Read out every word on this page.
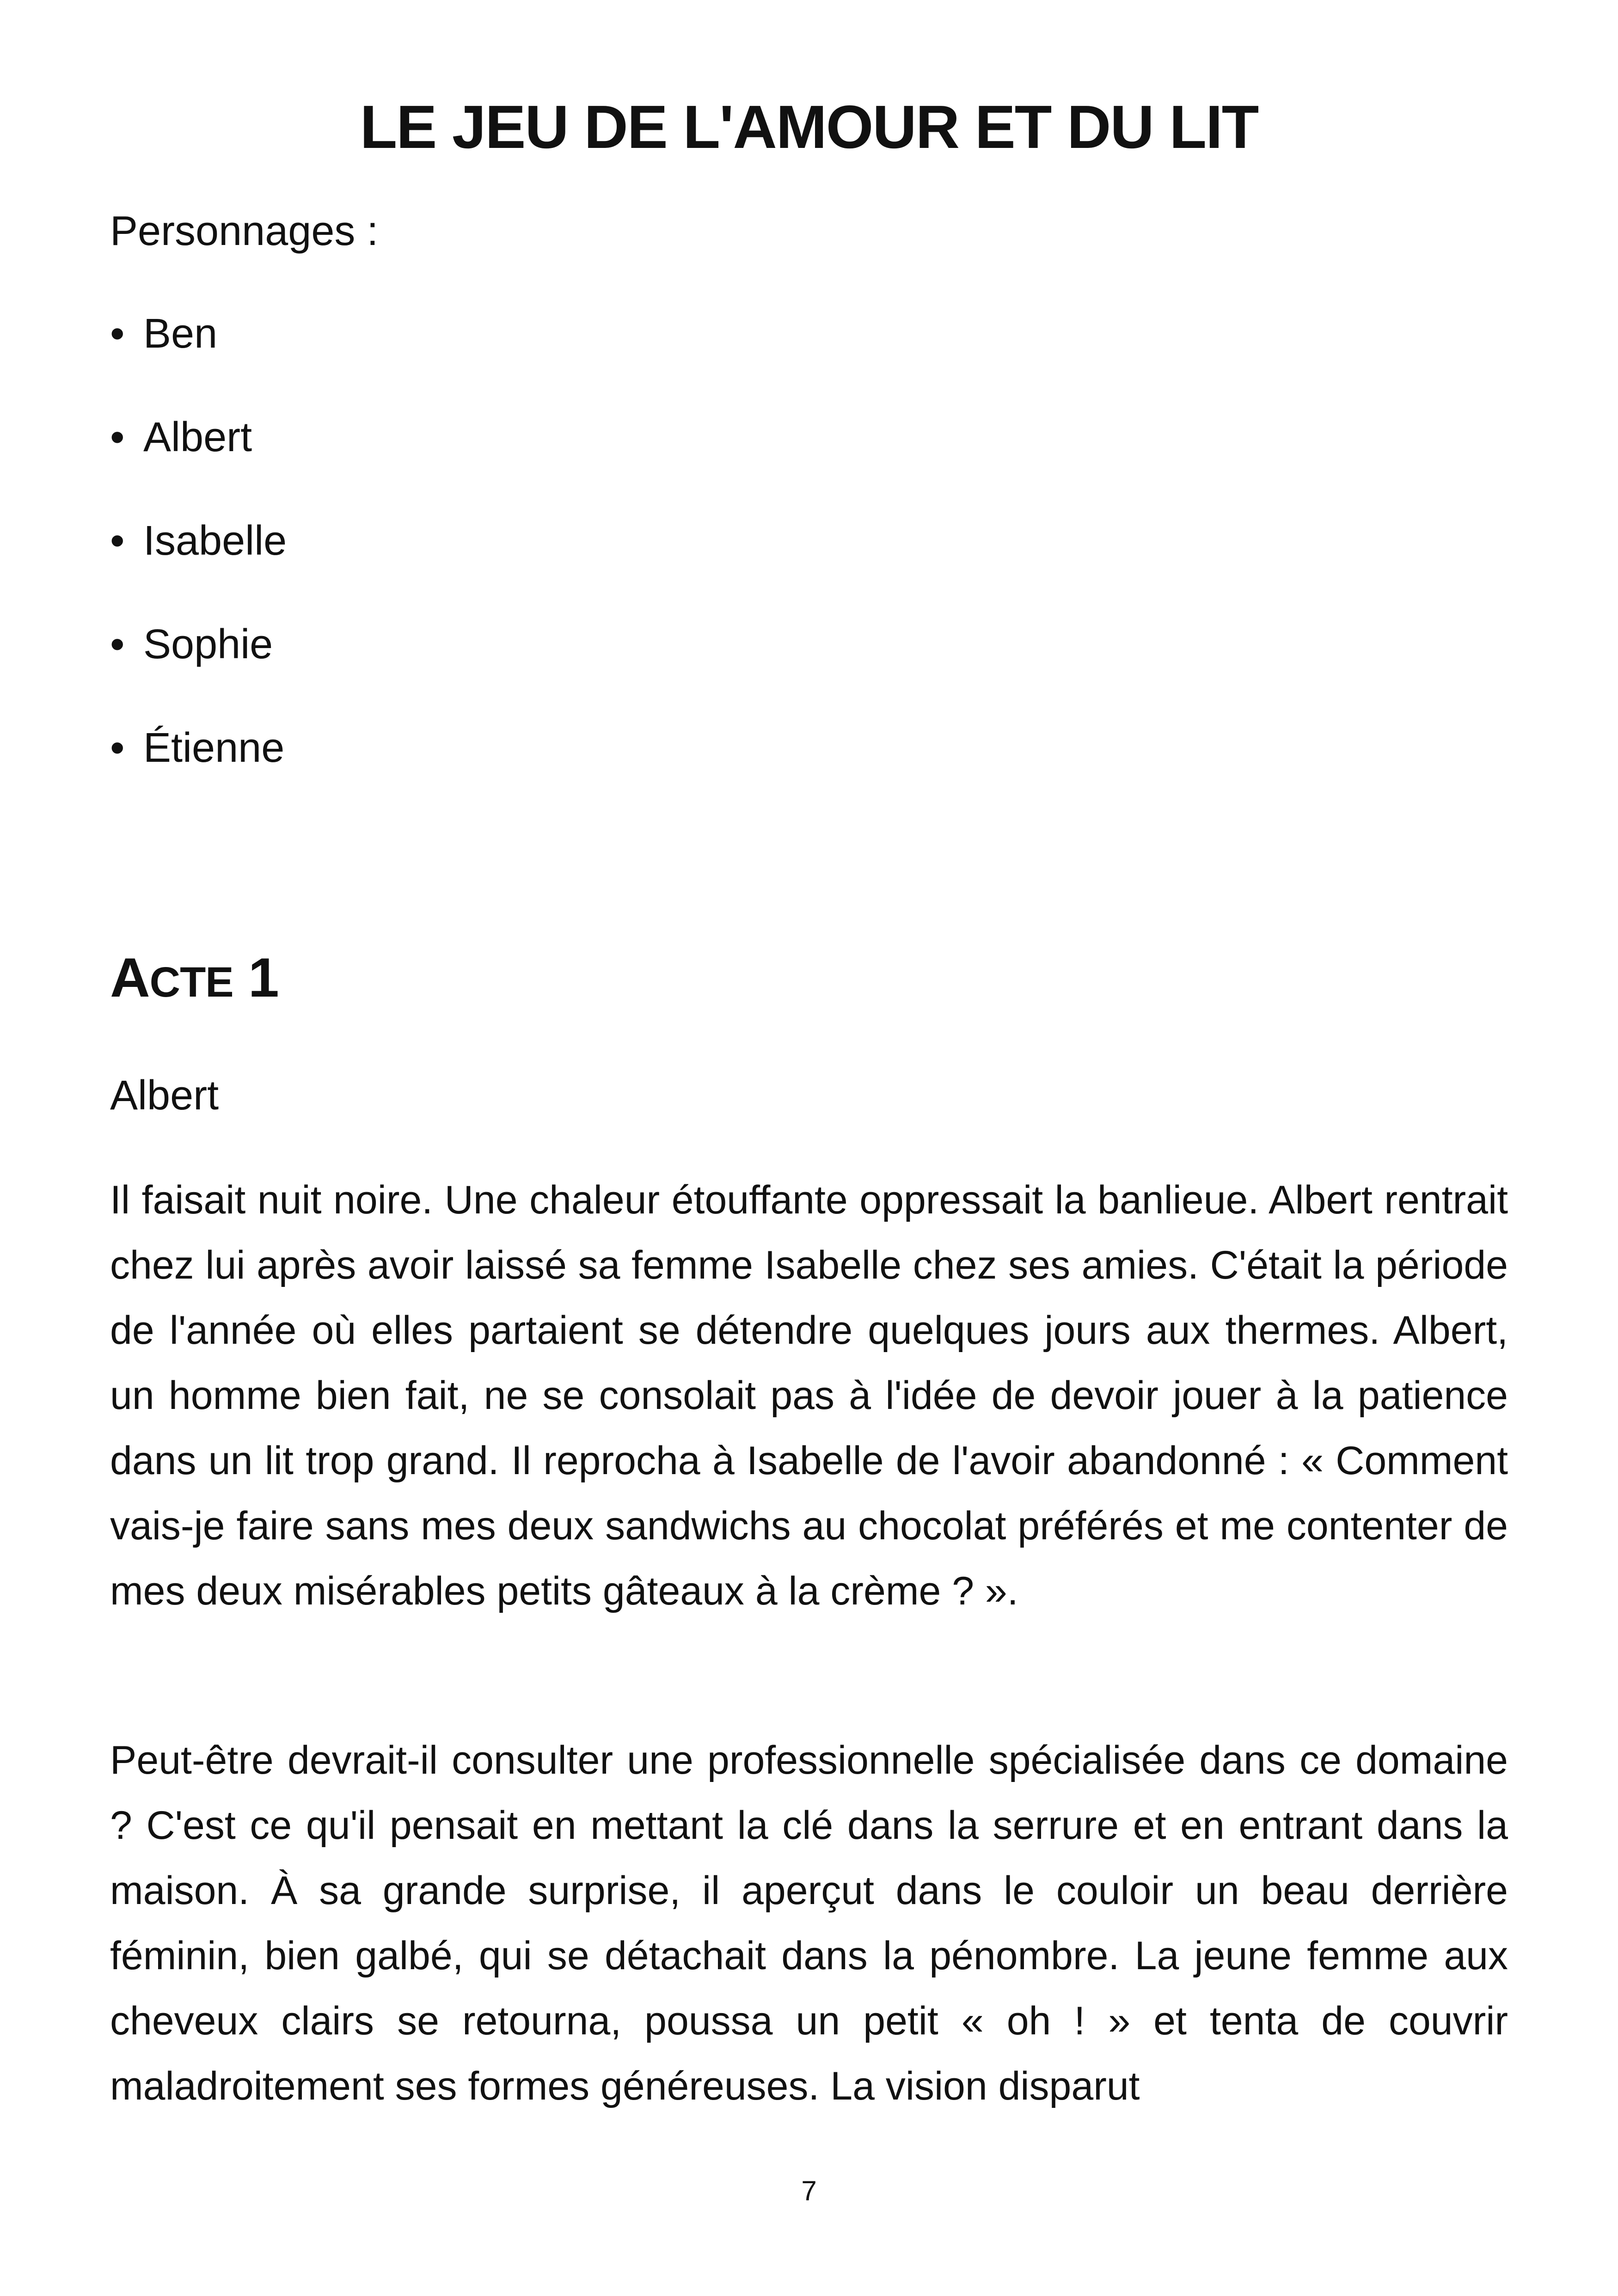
LE JEU DE L'AMOUR ET DU LIT
Personnages :
• Ben
• Albert
• Isabelle
• Sophie
• Étienne
ACTE 1
Albert

Il faisait nuit noire. Une chaleur étouffante oppressait la banlieue. Albert rentrait chez lui après avoir laissé sa femme Isabelle chez ses amies. C'était la période de l'année où elles partaient se détendre quelques jours aux thermes. Albert, un homme bien fait, ne se consolait pas à l'idée de devoir jouer à la patience dans un lit trop grand. Il reprocha à Isabelle de l'avoir abandonné : « Comment vais-je faire sans mes deux sandwichs au chocolat préférés et me contenter de mes deux misérables petits gâteaux à la crème ? ».

Peut-être devrait-il consulter une professionnelle spécialisée dans ce domaine ? C'est ce qu'il pensait en mettant la clé dans la serrure et en entrant dans la maison. À sa grande surprise, il aperçut dans le couloir un beau derrière féminin, bien galbé, qui se détachait dans la pénombre. La jeune femme aux cheveux clairs se retourna, poussa un petit « oh ! » et tenta de couvrir maladroitement ses formes généreuses. La vision disparut

7
